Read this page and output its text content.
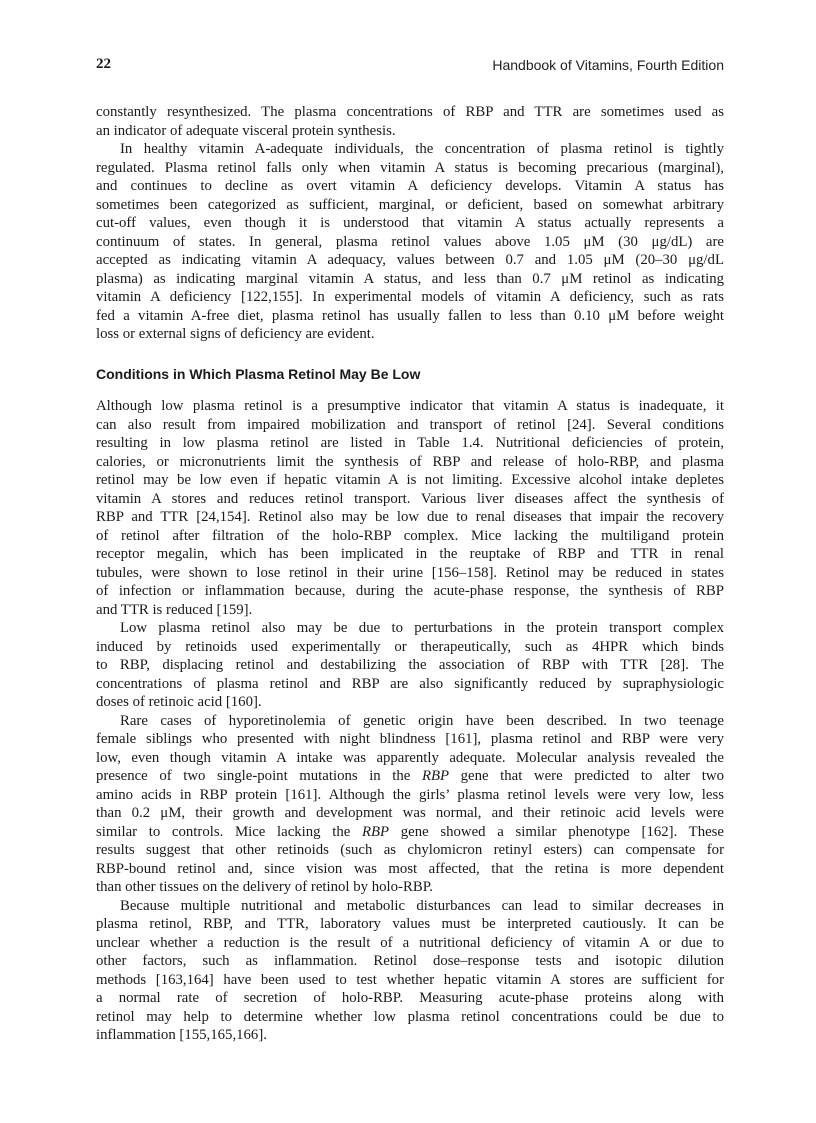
22	Handbook of Vitamins, Fourth Edition
constantly resynthesized. The plasma concentrations of RBP and TTR are sometimes used as
an indicator of adequate visceral protein synthesis.
In healthy vitamin A-adequate individuals, the concentration of plasma retinol is tightly
regulated. Plasma retinol falls only when vitamin A status is becoming precarious (marginal),
and continues to decline as overt vitamin A deficiency develops. Vitamin A status has
sometimes been categorized as sufficient, marginal, or deficient, based on somewhat arbitrary
cut-off values, even though it is understood that vitamin A status actually represents a
continuum of states. In general, plasma retinol values above 1.05 μM (30 μg/dL) are
accepted as indicating vitamin A adequacy, values between 0.7 and 1.05 μM (20–30 μg/dL
plasma) as indicating marginal vitamin A status, and less than 0.7 μM retinol as indicating
vitamin A deficiency [122,155]. In experimental models of vitamin A deficiency, such as rats
fed a vitamin A-free diet, plasma retinol has usually fallen to less than 0.10 μM before weight
loss or external signs of deficiency are evident.
Conditions in Which Plasma Retinol May Be Low
Although low plasma retinol is a presumptive indicator that vitamin A status is inadequate, it
can also result from impaired mobilization and transport of retinol [24]. Several conditions
resulting in low plasma retinol are listed in Table 1.4. Nutritional deficiencies of protein,
calories, or micronutrients limit the synthesis of RBP and release of holo-RBP, and plasma
retinol may be low even if hepatic vitamin A is not limiting. Excessive alcohol intake depletes
vitamin A stores and reduces retinol transport. Various liver diseases affect the synthesis of
RBP and TTR [24,154]. Retinol also may be low due to renal diseases that impair the recovery
of retinol after filtration of the holo-RBP complex. Mice lacking the multiligand protein
receptor megalin, which has been implicated in the reuptake of RBP and TTR in renal
tubules, were shown to lose retinol in their urine [156–158]. Retinol may be reduced in states
of infection or inflammation because, during the acute-phase response, the synthesis of RBP
and TTR is reduced [159].
Low plasma retinol also may be due to perturbations in the protein transport complex
induced by retinoids used experimentally or therapeutically, such as 4HPR which binds
to RBP, displacing retinol and destabilizing the association of RBP with TTR [28]. The
concentrations of plasma retinol and RBP are also significantly reduced by supraphysiologic
doses of retinoic acid [160].
Rare cases of hyporetinolemia of genetic origin have been described. In two teenage
female siblings who presented with night blindness [161], plasma retinol and RBP were very
low, even though vitamin A intake was apparently adequate. Molecular analysis revealed the
presence of two single-point mutations in the RBP gene that were predicted to alter two
amino acids in RBP protein [161]. Although the girls’ plasma retinol levels were very low, less
than 0.2 μM, their growth and development was normal, and their retinoic acid levels were
similar to controls. Mice lacking the RBP gene showed a similar phenotype [162]. These
results suggest that other retinoids (such as chylomicron retinyl esters) can compensate for
RBP-bound retinol and, since vision was most affected, that the retina is more dependent
than other tissues on the delivery of retinol by holo-RBP.
Because multiple nutritional and metabolic disturbances can lead to similar decreases in
plasma retinol, RBP, and TTR, laboratory values must be interpreted cautiously. It can be
unclear whether a reduction is the result of a nutritional deficiency of vitamin A or due to
other factors, such as inflammation. Retinol dose–response tests and isotopic dilution
methods [163,164] have been used to test whether hepatic vitamin A stores are sufficient for
a normal rate of secretion of holo-RBP. Measuring acute-phase proteins along with
retinol may help to determine whether low plasma retinol concentrations could be due to
inflammation [155,165,166].
